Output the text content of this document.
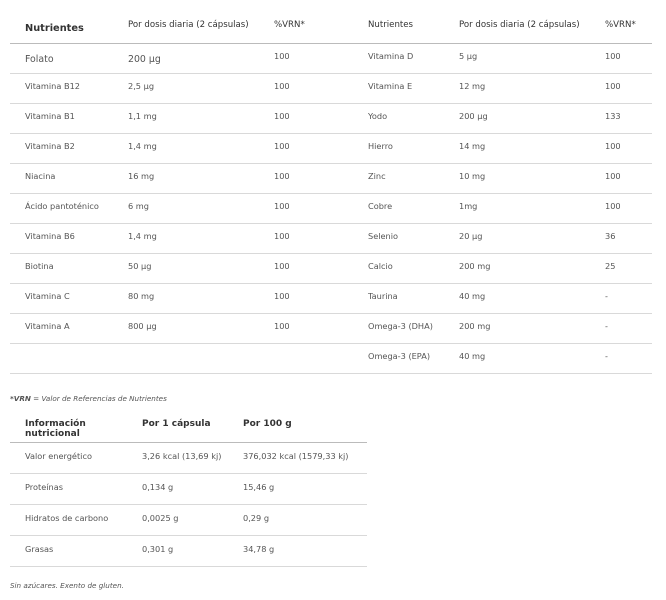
Nutrientes	Por dosis diaria (2 cápsulas)	%VRN*	Nutrientes	Por dosis diaria (2 cápsulas)	%VRN*
Folato	200 µg	100	Vitamina D	5 µg	100
Vitamina B12	2,5 µg	100	Vitamina E	12 mg	100
Vitamina B1	1,1 mg	100	Yodo	200 µg	133
Vitamina B2	1,4 mg	100	Hierro	14 mg	100
Niacina	16 mg	100	Zinc	10 mg	100
Ácido pantoténico	6 mg	100	Cobre	1mg	100
Vitamina B6	1,4 mg	100	Selenio	20 µg	36
Biotina	50 µg	100	Calcio	200 mg	25
Vitamina C	80 mg	100	Taurina	40 mg	-
Vitamina A	800 µg	100	Omega-3 (DHA)	200 mg	-
			Omega-3 (EPA)	40 mg	-
*VRN = Valor de Referencias de Nutrientes
Información nutricional	Por 1 cápsula	Por 100 g
Valor energético	3,26 kcal (13,69 kj)	376,032 kcal (1579,33 kj)
Proteínas	0,134 g	15,46 g
Hidratos de carbono	0,0025 g	0,29 g
Grasas	0,301 g	34,78 g
Sin azúcares. Exento de gluten.
